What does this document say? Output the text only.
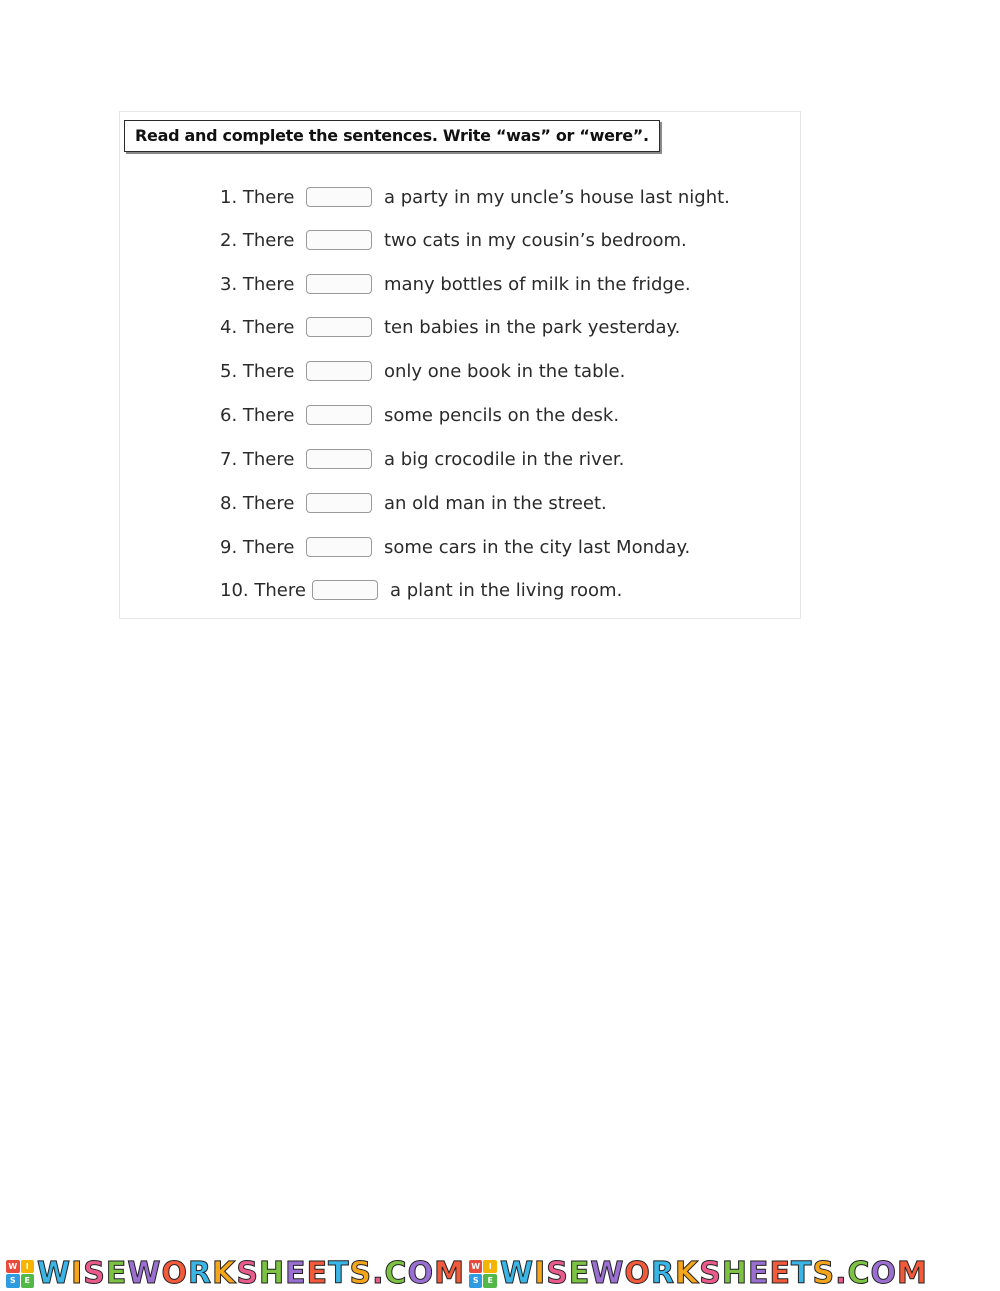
Read and complete the sentences. Write “was” or “were”.
1. There	a party in my uncle’s house last night.
2. There	two cats in my cousin’s bedroom.
3. There	many bottles of milk in the fridge.
4. There	ten babies in the park yesterday.
5. There	only one book in the table.
6. There	some pencils on the desk.
7. There	a big crocodile in the river.
8. There	an old man in the street.
9. There	some cars in the city last Monday.
10. There	a plant in the living room.
W	I
S	E WISEWORKSHEETS.COM W	I
S	E WISEWORKSHEETS.COM
